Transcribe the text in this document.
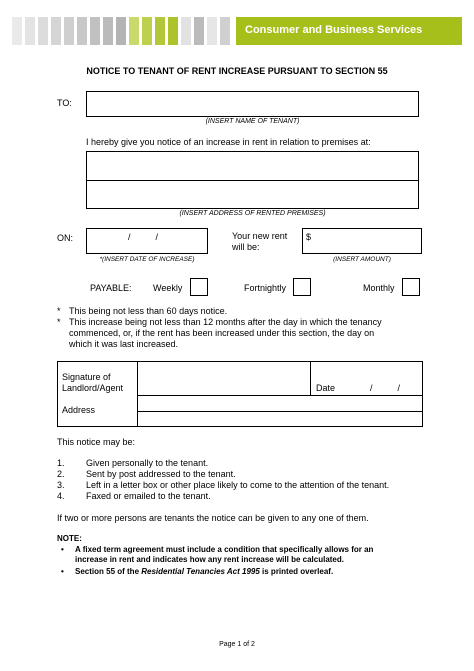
Consumer and Business Services
NOTICE TO TENANT OF RENT INCREASE PURSUANT TO SECTION 55
TO:
(INSERT NAME OF TENANT)
I hereby give you notice of an increase in rent in relation to premises at:
(INSERT ADDRESS OF RENTED PREMISES)
ON:	/          /
*(INSERT DATE OF INCREASE)
Your new rent
will be:
$
(INSERT AMOUNT)
PAYABLE: Weekly	Fortnightly	Monthly
* This being not less than 60 days notice.
* This increase being not less than 12 months after the day in which the tenancy
commenced, or, if the rent has been increased under this section, the day on
which it was last increased.
Signature of
Landlord/Agent	Date	/          /
Address
This notice may be:
1. Given personally to the tenant.
2. Sent by post addressed to the tenant.
3. Left in a letter box or other place likely to come to the attention of the tenant.
4. Faxed or emailed to the tenant.
If two or more persons are tenants the notice can be given to any one of them.
NOTE:
• A fixed term agreement must include a condition that specifically allows for an
increase in rent and indicates how any rent increase will be calculated.
• Section 55 of the Residential Tenancies Act 1995 is printed overleaf.
Page 1 of 2
